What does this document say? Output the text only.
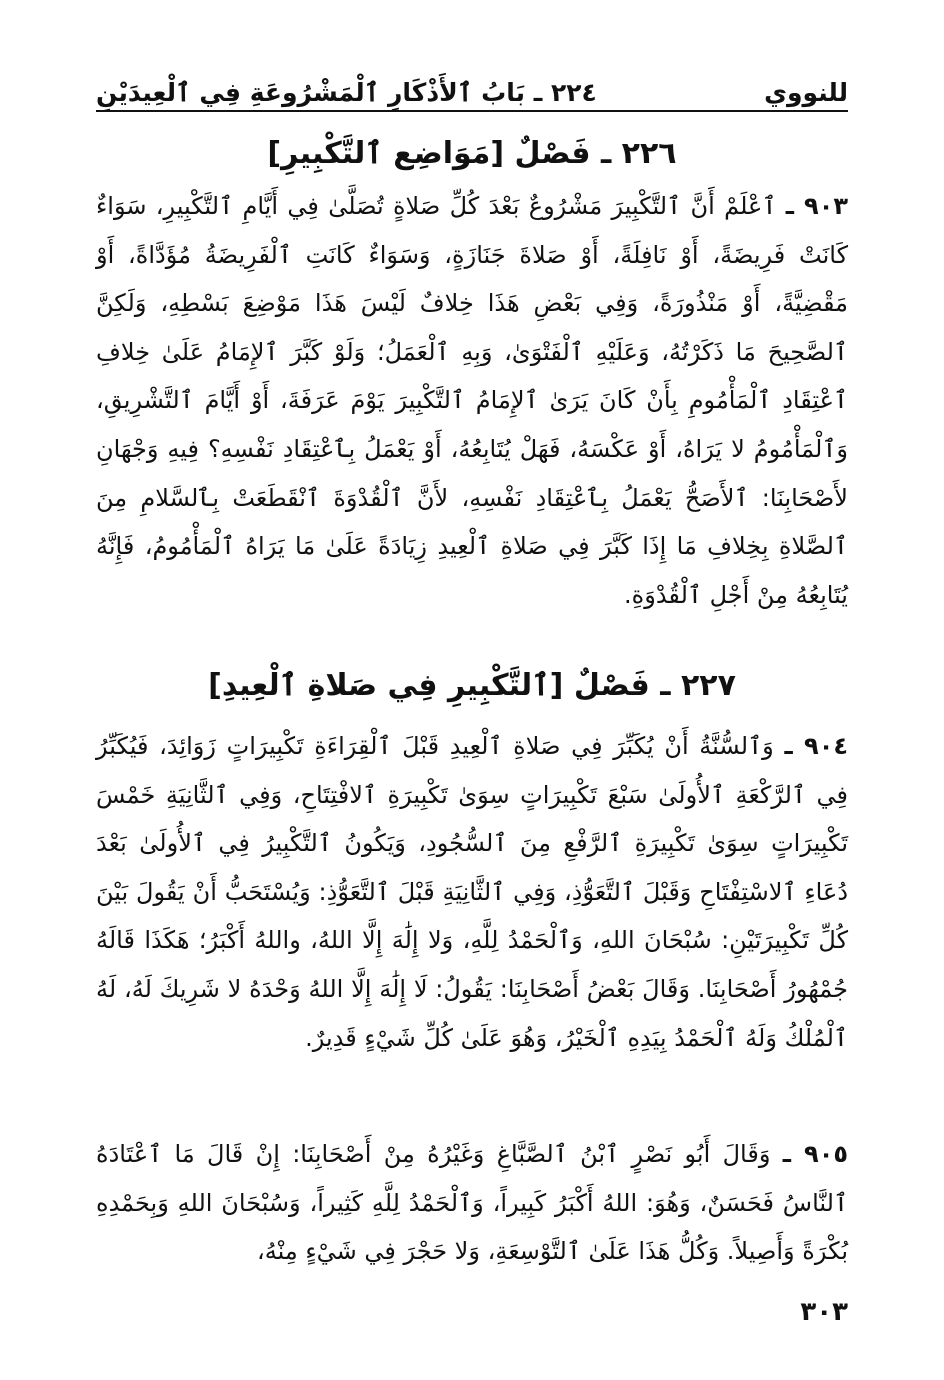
للنووي
٢٢٤ ـ بَابُ ٱلأَذْكَارِ ٱلْمَشْرُوعَةِ فِي ٱلْعِيدَيْنِ
٢٢٦ ـ فَصْلٌ [مَوَاضِع ٱلتَّكْبِيرِ]

٩٠٣ ـ ٱعْلَمْ أَنَّ ٱلتَّكْبِيرَ مَشْرُوعٌ بَعْدَ كُلِّ صَلاةٍ تُصَلَّىٰ فِي أَيَّامِ ٱلتَّكْبِيرِ، سَوَاءٌ كَانَتْ فَرِيضَةً، أَوْ نَافِلَةً، أَوْ صَلاةَ جَنَازَةٍ، وَسَوَاءٌ كَانَتِ ٱلْفَرِيضَةُ مُؤَدَّاةً، أَوْ مَقْضِيَّةً، أَوْ مَنْذُورَةً، وَفِي بَعْضِ هَذَا خِلافٌ لَيْسَ هَذَا مَوْضِعَ بَسْطِهِ، وَلَكِنَّ ٱلصَّحِيحَ مَا ذَكَرْتُهُ، وَعَلَيْهِ ٱلْفَتْوَىٰ، وَبِهِ ٱلْعَمَلُ؛ وَلَوْ كَبَّرَ ٱلإِمَامُ عَلَىٰ خِلافِ ٱعْتِقَادِ ٱلْمَأْمُومِ بِأَنْ كَانَ يَرَىٰ ٱلإِمَامُ ٱلتَّكْبِيرَ يَوْمَ عَرَفَةَ، أَوْ أَيَّامَ ٱلتَّشْرِيقِ، وَٱلْمَأْمُومُ لا يَرَاهُ، أَوْ عَكْسَهُ، فَهَلْ يُتَابِعُهُ، أَوْ يَعْمَلُ بِٱعْتِقَادِ نَفْسِهِ؟ فِيهِ وَجْهَانِ لأَصْحَابِنَا: ٱلأَصَحُّ يَعْمَلُ بِٱعْتِقَادِ نَفْسِهِ، لأَنَّ ٱلْقُدْوَةَ ٱنْقَطَعَتْ بِٱلسَّلامِ مِنَ ٱلصَّلاةِ بِخِلافِ مَا إِذَا كَبَّرَ فِي صَلاةِ ٱلْعِيدِ زِيَادَةً عَلَىٰ مَا يَرَاهُ ٱلْمَأْمُومُ، فَإِنَّهُ يُتَابِعُهُ مِنْ أَجْلِ ٱلْقُدْوَةِ.

٢٢٧ ـ فَصْلٌ [ٱلتَّكْبِيرِ فِي صَلاةِ ٱلْعِيدِ]

٩٠٤ ـ وَٱلسُّنَّةُ أَنْ يُكَبِّرَ فِي صَلاةِ ٱلْعِيدِ قَبْلَ ٱلْقِرَاءَةِ تَكْبِيرَاتٍ زَوَائِدَ، فَيُكَبِّرُ فِي ٱلرَّكْعَةِ ٱلأُولَىٰ سَبْعَ تَكْبِيرَاتٍ سِوَىٰ تَكْبِيرَةِ ٱلافْتِتَاحِ، وَفِي ٱلثَّانِيَةِ خَمْسَ تَكْبِيرَاتٍ سِوَىٰ تَكْبِيرَةِ ٱلرَّفْعِ مِنَ ٱلسُّجُودِ، وَيَكُونُ ٱلتَّكْبِيرُ فِي ٱلأُولَىٰ بَعْدَ دُعَاءِ ٱلاسْتِفْتَاحِ وَقَبْلَ ٱلتَّعَوُّذِ، وَفِي ٱلثَّانِيَةِ قَبْلَ ٱلتَّعَوُّذِ: وَيُسْتَحَبُّ أَنْ يَقُولَ بَيْنَ كُلِّ تَكْبِيرَتَيْنِ: سُبْحَانَ اللهِ، وَٱلْحَمْدُ لِلَّهِ، وَلا إِلَٰهَ إِلَّا اللهُ، واللهُ أَكْبَرُ؛ هَكَذَا قَالَهُ جُمْهُورُ أَصْحَابِنَا. وَقَالَ بَعْضُ أَصْحَابِنَا: يَقُولُ: لَا إِلَٰهَ إِلَّا اللهُ وَحْدَهُ لا شَرِيكَ لَهُ، لَهُ ٱلْمُلْكُ وَلَهُ ٱلْحَمْدُ بِيَدِهِ ٱلْخَيْرُ، وَهُوَ عَلَىٰ كُلِّ شَيْءٍ قَدِيرٌ.

٩٠٥ ـ وَقَالَ أَبُو نَصْرٍ ٱبْنُ ٱلصَّبَّاغِ وَغَيْرُهُ مِنْ أَصْحَابِنَا: إِنْ قَالَ مَا ٱعْتَادَهُ ٱلنَّاسُ فَحَسَنٌ، وَهُوَ: اللهُ أَكْبَرُ كَبِيراً، وَٱلْحَمْدُ لِلَّهِ كَثِيراً، وَسُبْحَانَ اللهِ وَبِحَمْدِهِ بُكْرَةً وَأَصِيلاً. وَكُلُّ هَذَا عَلَىٰ ٱلتَّوْسِعَةِ، وَلا حَجْرَ فِي شَيْءٍ مِنْهُ،

٣٠٣
